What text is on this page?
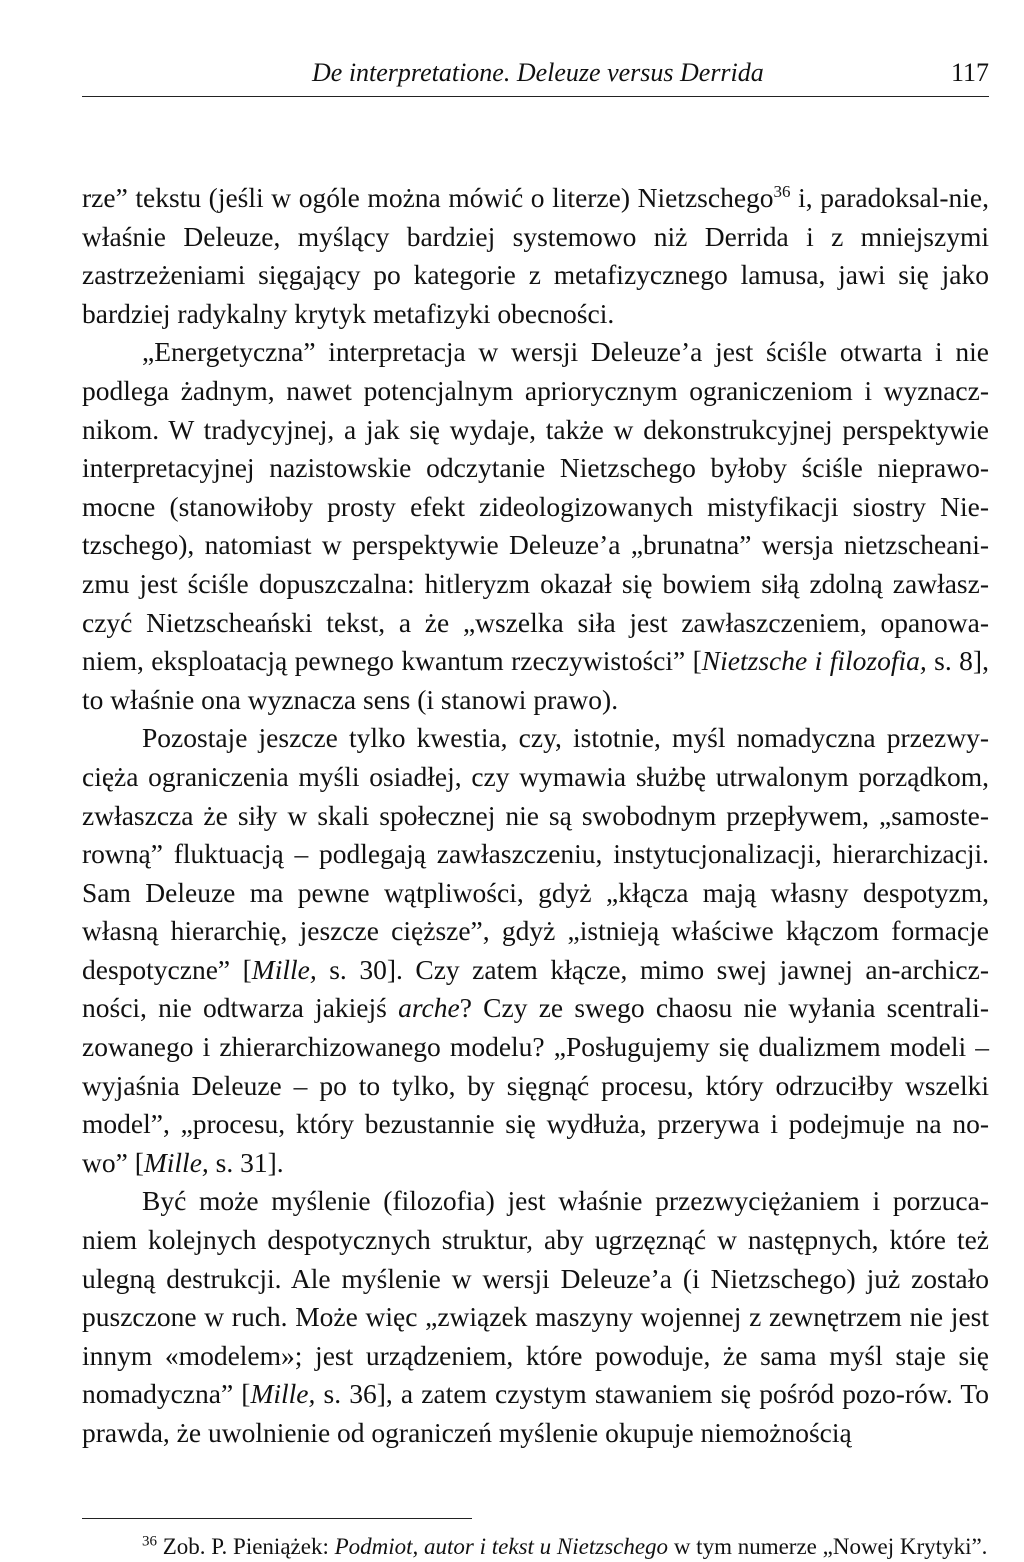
De interpretatione. Deleuze versus Derrida	117

rze” tekstu (jeśli w ogóle można mówić o literze) Nietzschego$^{36}$ i, paradoksal-nie, właśnie Deleuze, myślący bardziej systemowo niż Derrida i z mniejszymi zastrzeżeniami sięgający po kategorie z metafizycznego lamusa, jawi się jako bardziej radykalny krytyk metafizyki obecności.

„Energetyczna” interpretacja w wersji Deleuze’a jest ściśle otwarta i nie podlega żadnym, nawet potencjalnym apriorycznym ograniczeniom i wyznacz-nikom. W tradycyjnej, a jak się wydaje, także w dekonstrukcyjnej perspektywie interpretacyjnej nazistowskie odczytanie Nietzschego byłoby ściśle nieprawo-mocne (stanowiłoby prosty efekt zideologizowanych mistyfikacji siostry Nie-tzschego), natomiast w perspektywie Deleuze’a „brunatna” wersja nietzscheani-zmu jest ściśle dopuszczalna: hitleryzm okazał się bowiem siłą zdolną zawłasz-czyć Nietzscheański tekst, a że „wszelka siła jest zawłaszczeniem, opanowa-niem, eksploatacją pewnego kwantum rzeczywistości” [Nietzsche i filozofia, s. 8], to właśnie ona wyznacza sens (i stanowi prawo).

Pozostaje jeszcze tylko kwestia, czy, istotnie, myśl nomadyczna przezwy-cięża ograniczenia myśli osiadłej, czy wymawia służbę utrwalonym porządkom, zwłaszcza że siły w skali społecznej nie są swobodnym przepływem, „samoste-rowną” fluktuacją – podlegają zawłaszczeniu, instytucjonalizacji, hierarchizacji. Sam Deleuze ma pewne wątpliwości, gdyż „kłącza mają własny despotyzm, własną hierarchię, jeszcze cięższe”, gdyż „istnieją właściwe kłączom formacje despotyczne” [Mille, s. 30]. Czy zatem kłącze, mimo swej jawnej an-archicz-ności, nie odtwarza jakiejś arche? Czy ze swego chaosu nie wyłania scentrali-zowanego i zhierarchizowanego modelu? „Posługujemy się dualizmem modeli – wyjaśnia Deleuze – po to tylko, by sięgnąć procesu, który odrzuciłby wszelki model”, „procesu, który bezustannie się wydłuża, przerywa i podejmuje na no-wo” [Mille, s. 31].

Być może myślenie (filozofia) jest właśnie przezwyciężaniem i porzuca-niem kolejnych despotycznych struktur, aby ugrzęznąć w następnych, które też ulegną destrukcji. Ale myślenie w wersji Deleuze’a (i Nietzschego) już zostało puszczone w ruch. Może więc „związek maszyny wojennej z zewnętrzem nie jest innym «modelem»; jest urządzeniem, które powoduje, że sama myśl staje się nomadyczna” [Mille, s. 36], a zatem czystym stawaniem się pośród pozo-rów. To prawda, że uwolnienie od ograniczeń myślenie okupuje niemożnością

$^{36}$ Zob. P. Pieniążek: Podmiot, autor i tekst u Nietzschego w tym numerze „Nowej Krytyki”.
